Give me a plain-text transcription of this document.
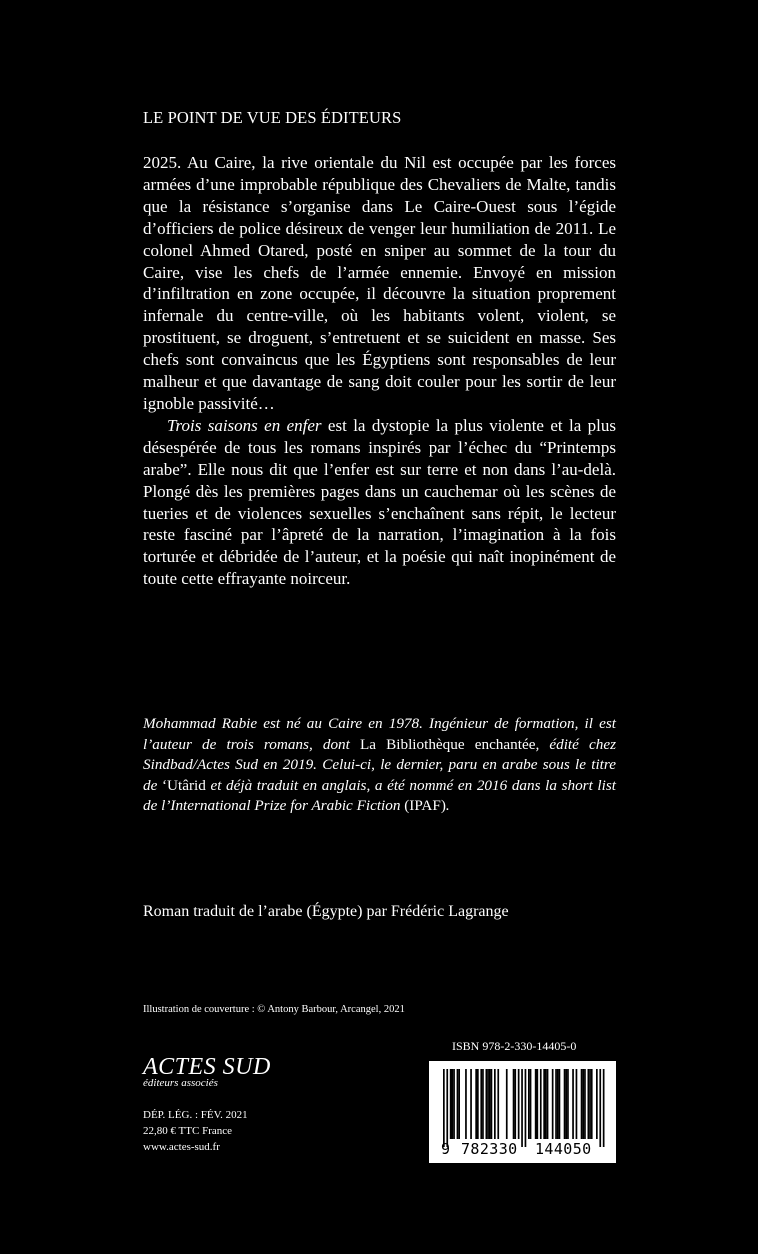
LE POINT DE VUE DES ÉDITEURS

2025. Au Caire, la rive orientale du Nil est occupée par les forces armées d’une improbable république des Chevaliers de Malte, tandis que la résistance s’organise dans Le Caire-Ouest sous l’égide d’officiers de police désireux de venger leur humiliation de 2011. Le colonel Ahmed Otared, posté en sniper au sommet de la tour du Caire, vise les chefs de l’armée ennemie. Envoyé en mission d’infiltration en zone occupée, il découvre la situation proprement infernale du centre-ville, où les habitants volent, violent, se prostituent, se droguent, s’entretuent et se suicident en masse. Ses chefs sont convaincus que les Égyptiens sont responsables de leur malheur et que davantage de sang doit couler pour les sortir de leur ignoble passivité…

Trois saisons en enfer est la dystopie la plus violente et la plus désespérée de tous les romans inspirés par l’échec du “Printemps arabe”. Elle nous dit que l’enfer est sur terre et non dans l’au-delà. Plongé dès les premières pages dans un cauchemar où les scènes de tueries et de violences sexuelles s’enchaînent sans répit, le lecteur reste fasciné par l’âpreté de la narration, l’imagination à la fois torturée et débridée de l’auteur, et la poésie qui naît inopinément de toute cette effrayante noirceur.

Mohammad Rabie est né au Caire en 1978. Ingénieur de formation, il est l’auteur de trois romans, dont La Bibliothèque enchantée, édité chez Sindbad/Actes Sud en 2019. Celui-ci, le dernier, paru en arabe sous le titre de ‘Utârid et déjà traduit en anglais, a été nommé en 2016 dans la short list de l’International Prize for Arabic Fiction (IPAF).

Roman traduit de l’arabe (Égypte) par Frédéric Lagrange
Illustration de couverture : © Antony Barbour, Arcangel, 2021
ACTES SUD
éditeurs associés
DÉP. LÉG. : FÉV. 2021
22,80 € TTC France
www.actes-sud.fr
ISBN 978-2-330-14405-0
9 782330 144050
